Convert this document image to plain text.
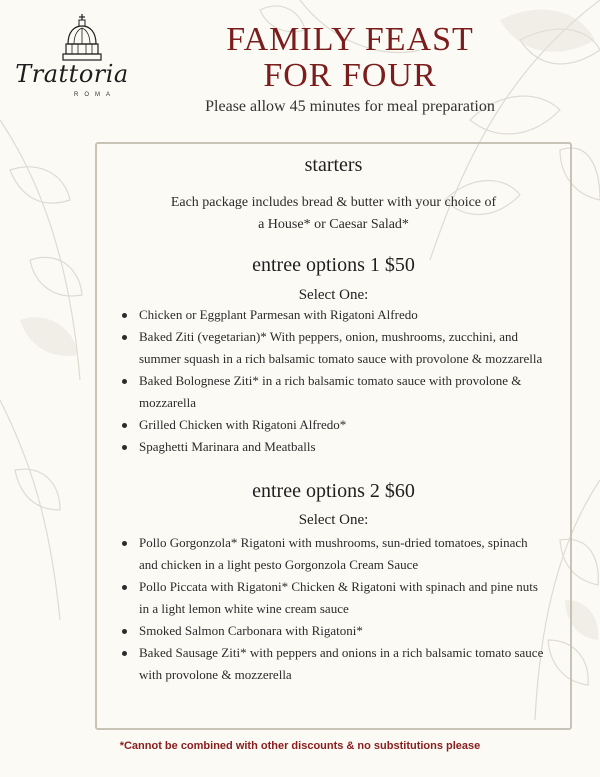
Trattoria
ROMA
FAMILY FEAST
FOR FOUR
Please allow 45 minutes for meal preparation
starters
Each package includes bread & butter with your choice of
a House* or Caesar Salad*
entree options 1 $50
Select One:
Chicken or Eggplant Parmesan with Rigatoni Alfredo
Baked Ziti (vegetarian)* With peppers, onion, mushrooms, zucchini, and summer squash in a rich balsamic tomato sauce with provolone & mozzarella
Baked Bolognese Ziti* in a rich balsamic tomato sauce with provolone & mozzarella
Grilled Chicken with Rigatoni Alfredo*
Spaghetti Marinara and Meatballs
entree options 2 $60
Select One:
Pollo Gorgonzola* Rigatoni with mushrooms, sun-dried tomatoes, spinach and chicken in a light pesto Gorgonzola Cream Sauce
Pollo Piccata with Rigatoni* Chicken & Rigatoni with spinach and pine nuts in a light lemon white wine cream sauce
Smoked Salmon Carbonara with Rigatoni*
Baked Sausage Ziti* with peppers and onions in a rich balsamic tomato sauce with provolone & mozzerella
*Cannot be combined with other discounts & no substitutions please
